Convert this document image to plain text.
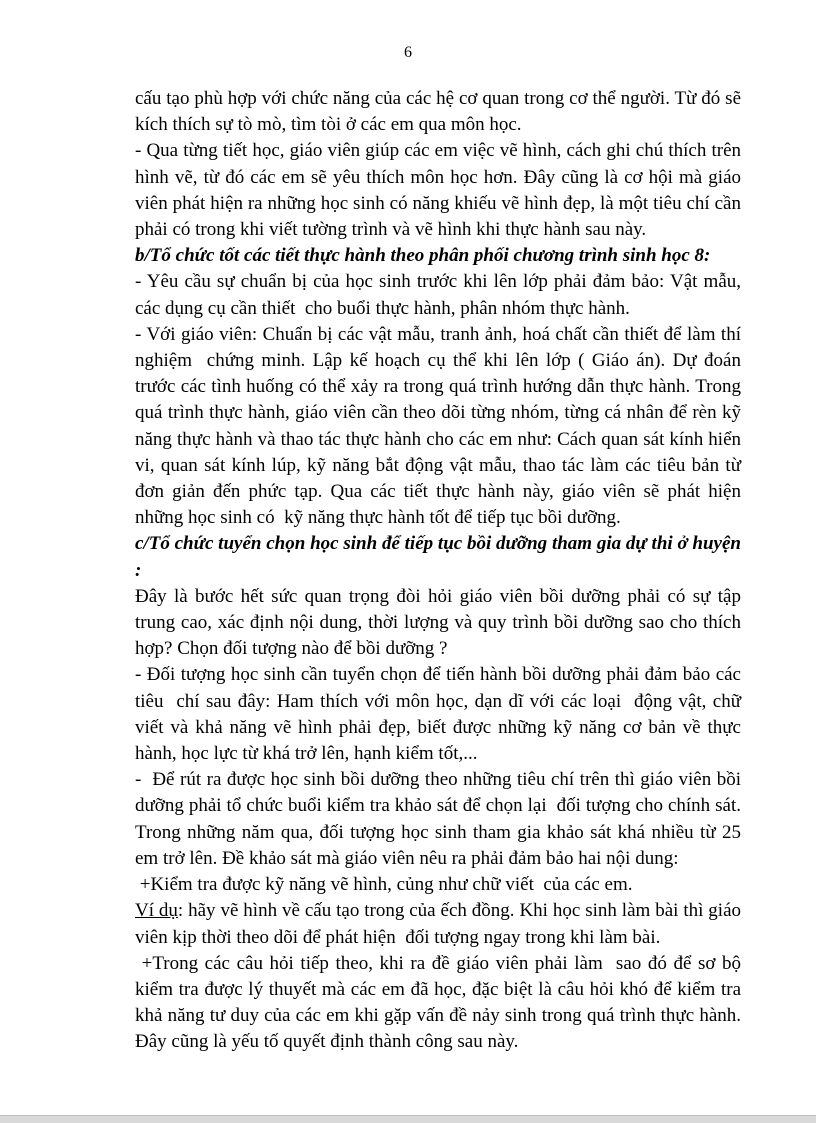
6

cấu tạo phù hợp với chức năng của các hệ cơ quan trong cơ thể người. Từ đó sẽ kích thích sự tò mò, tìm tòi ở các em qua môn học.

- Qua từng tiết học, giáo viên giúp các em việc vẽ hình, cách ghi chú thích trên hình vẽ, từ đó các em sẽ yêu thích môn học hơn. Đây cũng là cơ hội mà giáo viên phát hiện ra những học sinh có năng khiếu vẽ hình đẹp, là một tiêu chí cần phải có trong khi viết tường trình và vẽ hình khi thực hành sau này.

b/Tổ chức tốt các tiết thực hành theo phân phối chương trình sinh học 8:

- Yêu cầu sự chuẩn bị của học sinh trước khi lên lớp phải đảm bảo: Vật mẫu, các dụng cụ cần thiết  cho buổi thực hành, phân nhóm thực hành.

- Với giáo viên: Chuẩn bị các vật mẫu, tranh ảnh, hoá chất cần thiết để làm thí nghiệm  chứng minh. Lập kế hoạch cụ thể khi lên lớp ( Giáo án). Dự đoán trước các tình huống có thể xảy ra trong quá trình hướng dẫn thực hành. Trong quá trình thực hành, giáo viên cần theo dõi từng nhóm, từng cá nhân để rèn kỹ năng thực hành và thao tác thực hành cho các em như: Cách quan sát kính hiển vi, quan sát kính lúp, kỹ năng bắt động vật mẫu, thao tác làm các tiêu bản từ đơn giản đến phức tạp. Qua các tiết thực hành này, giáo viên sẽ phát hiện những học sinh có  kỹ năng thực hành tốt để tiếp tục bồi dưỡng.

c/Tổ chức tuyển chọn học sinh để tiếp tục bồi dưỡng tham gia dự thi ở huyện :

Đây là bước hết sức quan trọng đòi hỏi giáo viên bồi dưỡng phải có sự tập trung cao, xác định nội dung, thời lượng và quy trình bồi dưỡng sao cho thích hợp? Chọn đối tượng nào để bồi dưỡng ?

- Đối tượng học sinh cần tuyển chọn để tiến hành bồi dưỡng phải đảm bảo các tiêu  chí sau đây: Ham thích với môn học, dạn dĩ với các loại  động vật, chữ viết và khả năng vẽ hình phải đẹp, biết được những kỹ năng cơ bản về thực hành, học lực từ khá trở lên, hạnh kiểm tốt,...

-  Để rút ra được học sinh bồi dưỡng theo những tiêu chí trên thì giáo viên bồi dưỡng phải tổ chức buổi kiểm tra khảo sát để chọn lại  đối tượng cho chính sát. Trong những năm qua, đối tượng học sinh tham gia khảo sát khá nhiều từ 25 em trở lên. Đề khảo sát mà giáo viên nêu ra phải đảm bảo hai nội dung:

+Kiểm tra được kỹ năng vẽ hình, củng như chữ viết  của các em.

Ví dụ: hãy vẽ hình về cấu tạo trong của ếch đồng. Khi học sinh làm bài thì giáo viên kịp thời theo dõi để phát hiện  đối tượng ngay trong khi làm bài.

+Trong các câu hỏi tiếp theo, khi ra đề giáo viên phải làm  sao đó để sơ bộ kiểm tra được lý thuyết mà các em đã học, đặc biệt là câu hỏi khó để kiểm tra khả năng tư duy của các em khi gặp vấn đề nảy sinh trong quá trình thực hành. Đây cũng là yếu tố quyết định thành công sau này.
